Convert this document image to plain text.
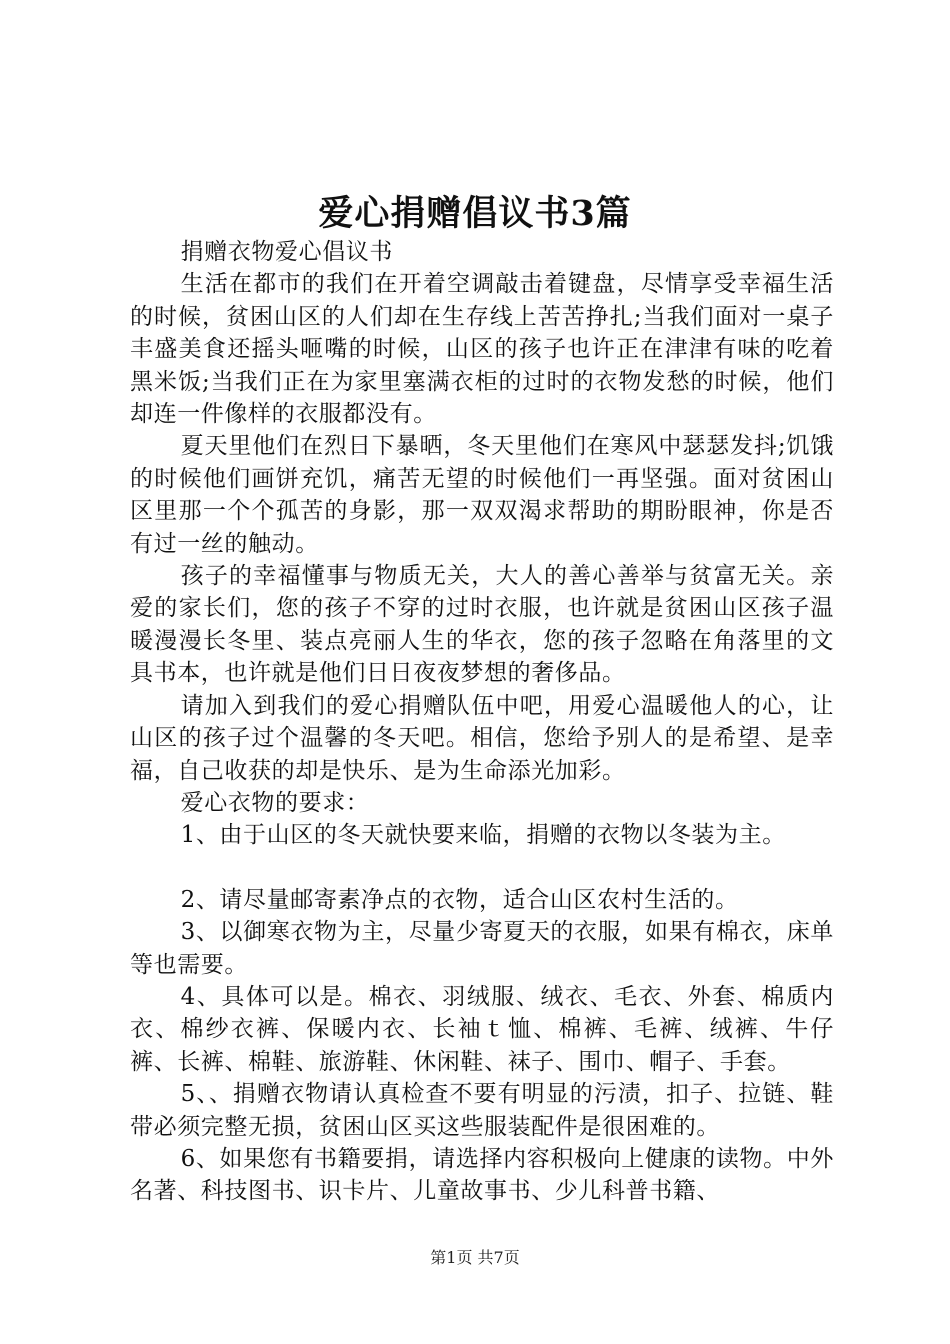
爱心捐赠倡议书3篇

捐赠衣物爱心倡议书

生活在都市的我们在开着空调敲击着键盘，尽情享受幸福生活的时候，贫困山区的人们却在生存线上苦苦挣扎;当我们面对一桌子丰盛美食还摇头咂嘴的时候，山区的孩子也许正在津津有味的吃着黑米饭;当我们正在为家里塞满衣柜的过时的衣物发愁的时候，他们却连一件像样的衣服都没有。

夏天里他们在烈日下暴晒，冬天里他们在寒风中瑟瑟发抖;饥饿的时候他们画饼充饥，痛苦无望的时候他们一再坚强。面对贫困山区里那一个个孤苦的身影，那一双双渴求帮助的期盼眼神，你是否有过一丝的触动。

孩子的幸福懂事与物质无关，大人的善心善举与贫富无关。亲爱的家长们，您的孩子不穿的过时衣服，也许就是贫困山区孩子温暖漫漫长冬里、装点亮丽人生的华衣，您的孩子忽略在角落里的文具书本，也许就是他们日日夜夜梦想的奢侈品。

请加入到我们的爱心捐赠队伍中吧，用爱心温暖他人的心，让山区的孩子过个温馨的冬天吧。相信，您给予别人的是希望、是幸福，自己收获的却是快乐、是为生命添光加彩。

爱心衣物的要求：

1、由于山区的冬天就快要来临，捐赠的衣物以冬装为主。

2、请尽量邮寄素净点的衣物，适合山区农村生活的。

3、以御寒衣物为主，尽量少寄夏天的衣服，如果有棉衣，床单等也需要。

4、具体可以是。棉衣、羽绒服、绒衣、毛衣、外套、棉质内衣、棉纱衣裤、保暖内衣、长袖ｔ恤、棉裤、毛裤、绒裤、牛仔裤、长裤、棉鞋、旅游鞋、休闲鞋、袜子、围巾、帽子、手套。

5、、捐赠衣物请认真检查不要有明显的污渍，扣子、拉链、鞋带必须完整无损，贫困山区买这些服装配件是很困难的。

6、如果您有书籍要捐，请选择内容积极向上健康的读物。中外名著、科技图书、识卡片、儿童故事书、少儿科普书籍、

第1页 共7页
